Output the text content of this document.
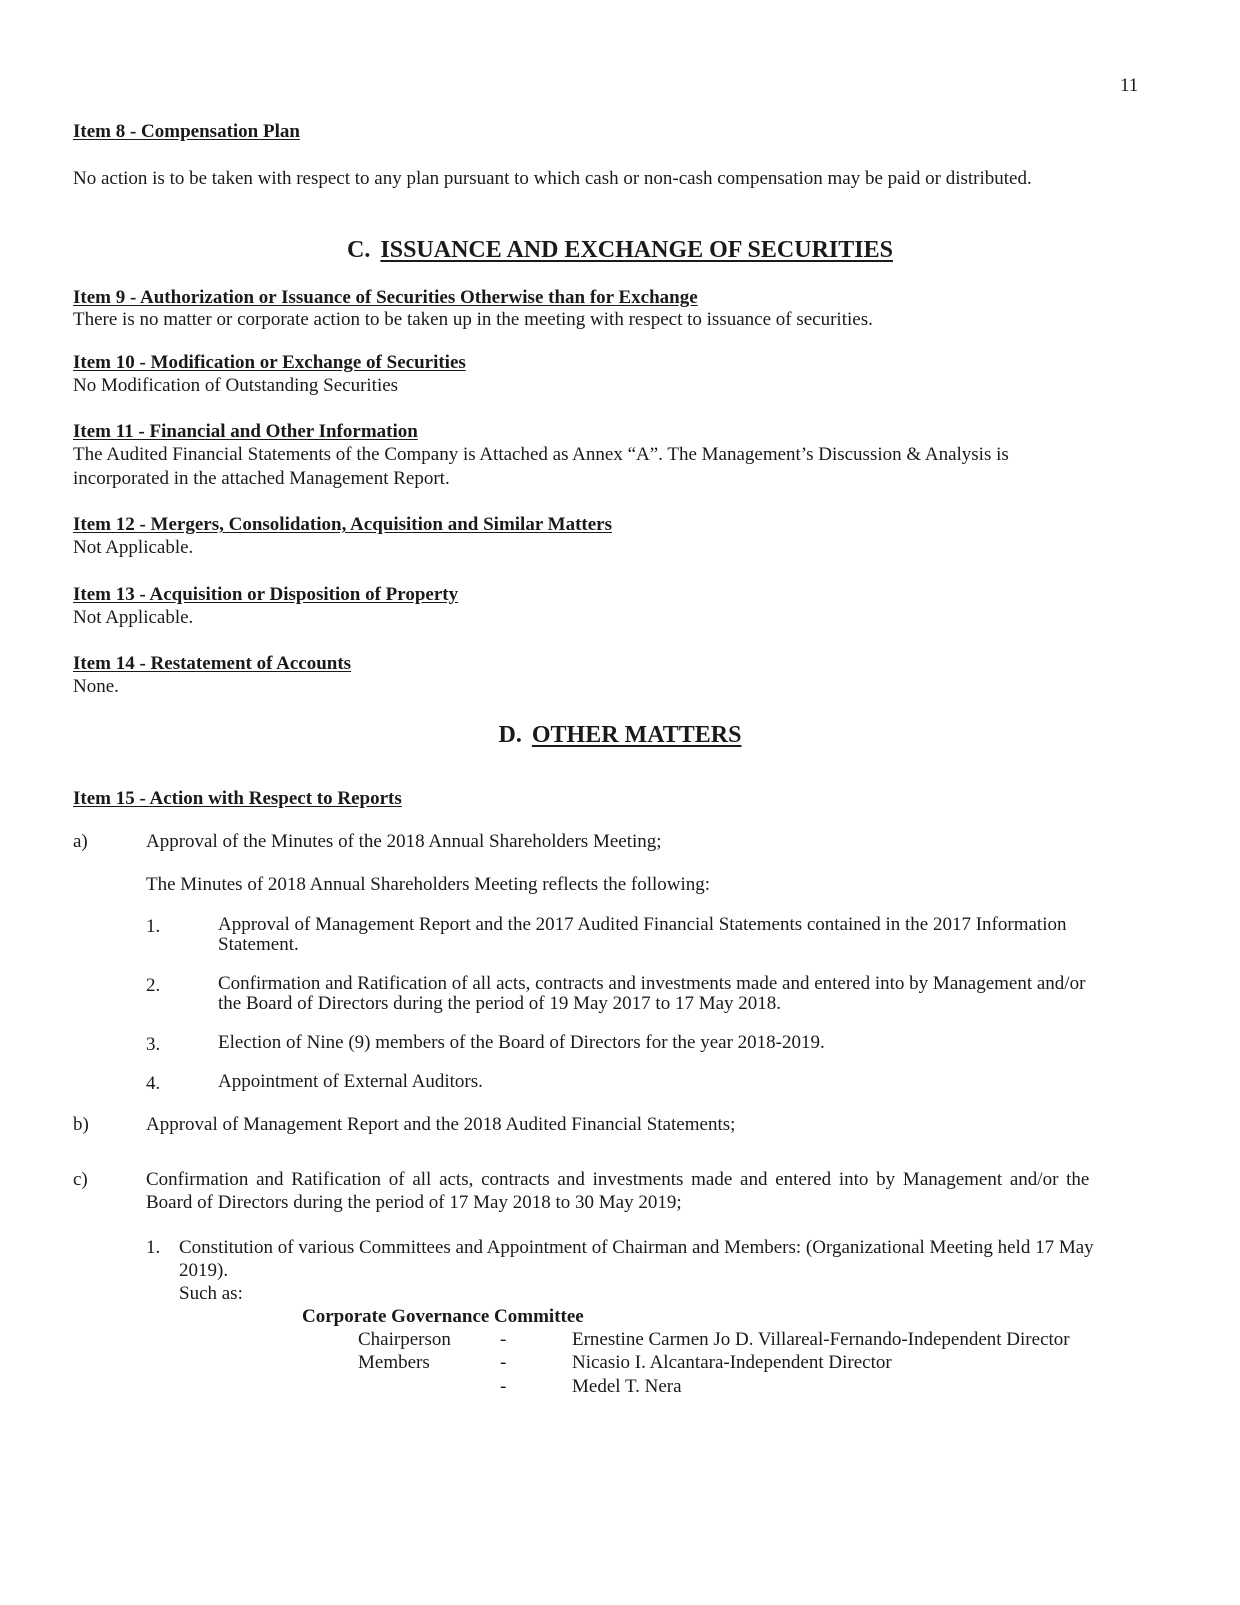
11
Item 8 - Compensation Plan
No action is to be taken with respect to any plan pursuant to which cash or non-cash compensation may be paid or distributed.
C. ISSUANCE AND EXCHANGE OF SECURITIES
Item 9 - Authorization or Issuance of Securities Otherwise than for Exchange
There is no matter or corporate action to be taken up in the meeting with respect to issuance of securities.
Item 10 - Modification or Exchange of Securities
No Modification of Outstanding Securities
Item 11 - Financial and Other Information
The Audited Financial Statements of the Company is Attached as Annex “A”. The Management’s Discussion & Analysis is
incorporated in the attached Management Report.
Item 12 - Mergers, Consolidation, Acquisition and Similar Matters
Not Applicable.
Item 13 - Acquisition or Disposition of Property
Not Applicable.
Item 14 - Restatement of Accounts
None.
D. OTHER MATTERS
Item 15 - Action with Respect to Reports
a)	Approval of the Minutes of the 2018 Annual Shareholders Meeting;
The Minutes of 2018 Annual Shareholders Meeting reflects the following:
1.	Approval of Management Report and the 2017 Audited Financial Statements contained in the 2017 Information
Statement.
2.	Confirmation and Ratification of all acts, contracts and investments made and entered into by Management and/or
the Board of Directors during the period of 19 May 2017 to 17 May 2018.
3.	Election of Nine (9) members of the Board of Directors for the year 2018-2019.
4.	Appointment of External Auditors.
b)	Approval of Management Report and the 2018 Audited Financial Statements;
c)	Confirmation and Ratification of all acts, contracts and investments made and entered into by Management and/or the
Board of Directors during the period of 17 May 2018 to 30 May 2019;
1. Constitution of various Committees and Appointment of Chairman and Members: (Organizational Meeting held 17 May
2019).
Such as:
Corporate Governance Committee
Chairperson	-	Ernestine Carmen Jo D. Villareal-Fernando-Independent Director
Members	-	Nicasio I. Alcantara-Independent Director
-	Medel T. Nera
